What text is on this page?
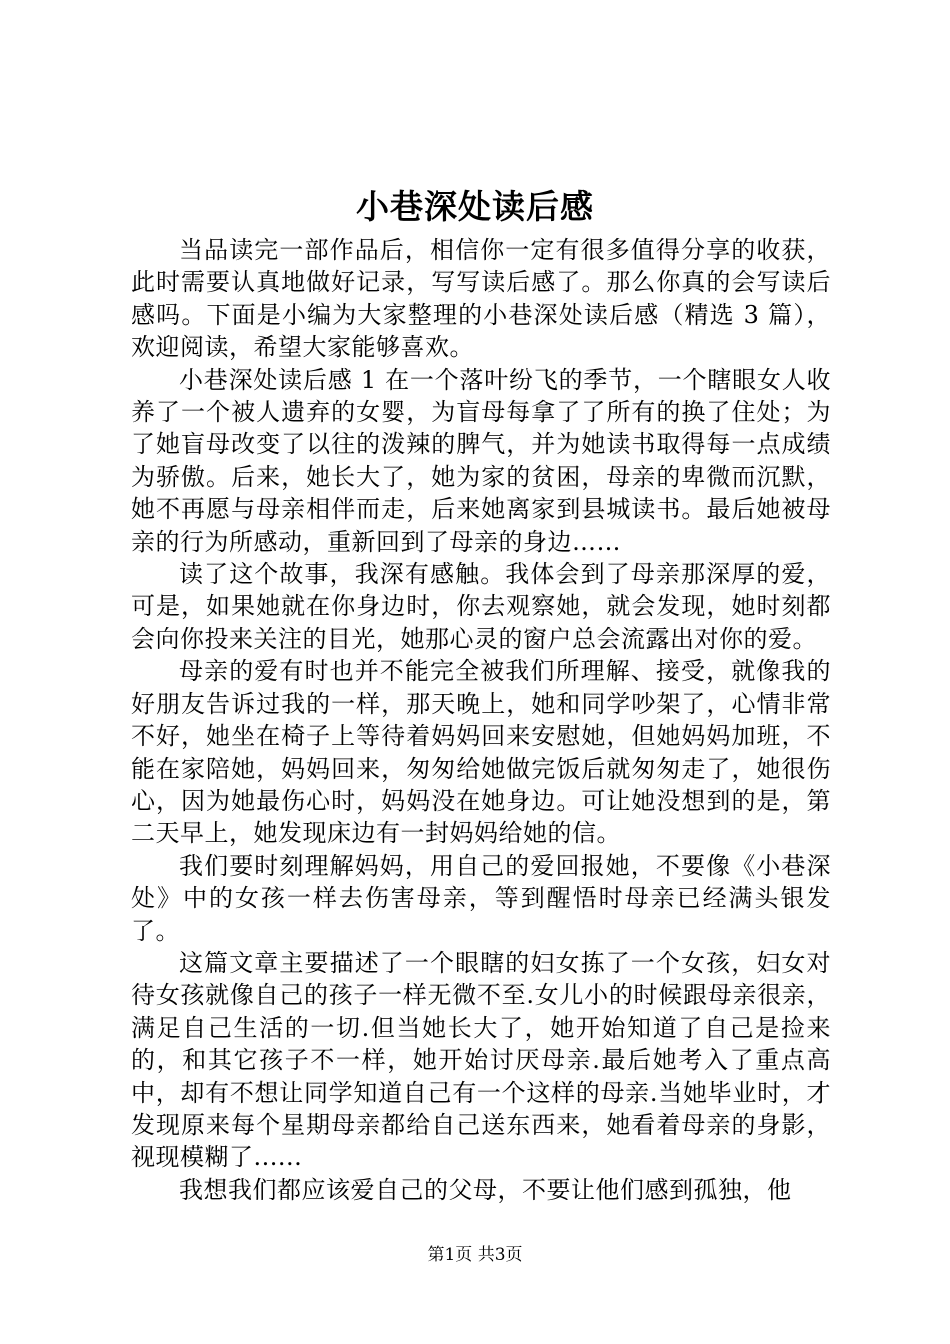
小巷深处读后感

当品读完一部作品后，相信你一定有很多值得分享的收获，此时需要认真地做好记录，写写读后感了。那么你真的会写读后感吗。下面是小编为大家整理的小巷深处读后感（精选 3 篇），欢迎阅读，希望大家能够喜欢。

小巷深处读后感 1 在一个落叶纷飞的季节，一个瞎眼女人收养了一个被人遗弃的女婴，为盲母每拿了了所有的换了住处；为了她盲母改变了以往的泼辣的脾气，并为她读书取得每一点成绩为骄傲。后来，她长大了，她为家的贫困，母亲的卑微而沉默，她不再愿与母亲相伴而走，后来她离家到县城读书。最后她被母亲的行为所感动，重新回到了母亲的身边……

读了这个故事，我深有感触。我体会到了母亲那深厚的爱，可是，如果她就在你身边时，你去观察她，就会发现，她时刻都会向你投来关注的目光，她那心灵的窗户总会流露出对你的爱。

母亲的爱有时也并不能完全被我们所理解、接受，就像我的好朋友告诉过我的一样，那天晚上，她和同学吵架了，心情非常不好，她坐在椅子上等待着妈妈回来安慰她，但她妈妈加班，不能在家陪她，妈妈回来，匆匆给她做完饭后就匆匆走了，她很伤心，因为她最伤心时，妈妈没在她身边。可让她没想到的是，第二天早上，她发现床边有一封妈妈给她的信。

我们要时刻理解妈妈，用自己的爱回报她，不要像《小巷深处》中的女孩一样去伤害母亲，等到醒悟时母亲已经满头银发了。

这篇文章主要描述了一个眼瞎的妇女拣了一个女孩，妇女对待女孩就像自己的孩子一样无微不至.女儿小的时候跟母亲很亲，满足自己生活的一切.但当她长大了，她开始知道了自己是捡来的，和其它孩子不一样，她开始讨厌母亲.最后她考入了重点高中，却有不想让同学知道自己有一个这样的母亲.当她毕业时，才发现原来每个星期母亲都给自己送东西来，她看着母亲的身影，视现模糊了......

我想我们都应该爱自己的父母，不要让他们感到孤独，他

第1页 共3页
